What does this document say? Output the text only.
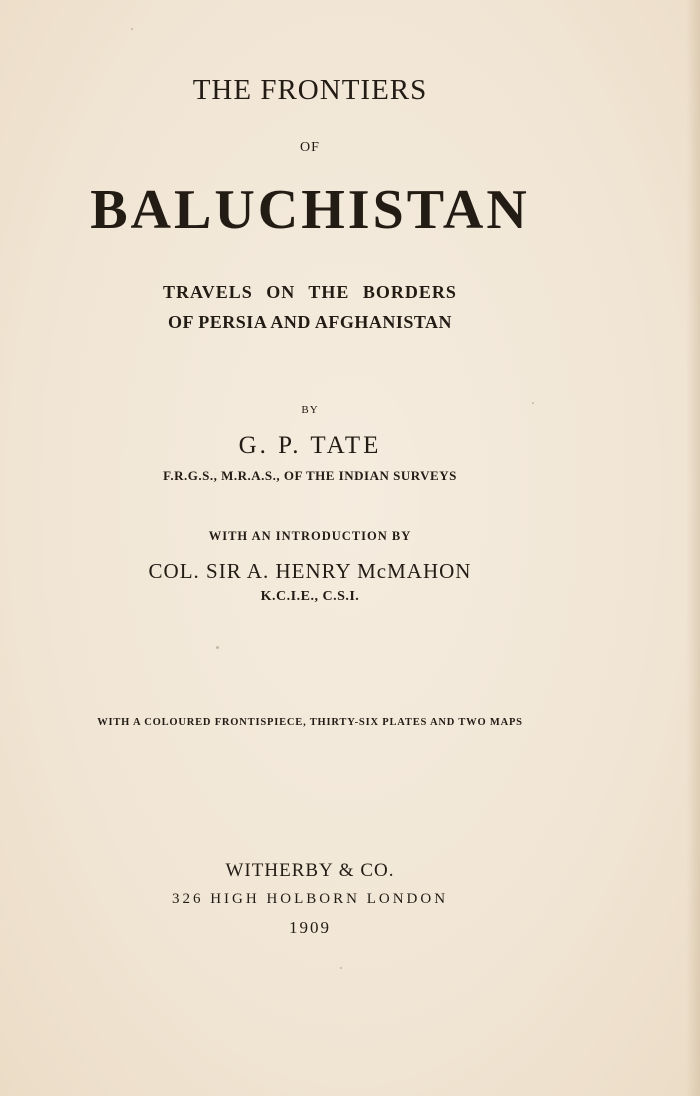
THE FRONTIERS
OF
BALUCHISTAN
TRAVELS ON THE BORDERS
OF PERSIA AND AFGHANISTAN
BY
G. P. TATE
F.R.G.S., M.R.A.S., OF THE INDIAN SURVEYS
WITH AN INTRODUCTION BY
COL. SIR A. HENRY McMAHON
K.C.I.E., C.S.I.
WITH A COLOURED FRONTISPIECE, THIRTY-SIX PLATES AND TWO MAPS
WITHERBY & CO.
326 HIGH HOLBORN LONDON
1909
